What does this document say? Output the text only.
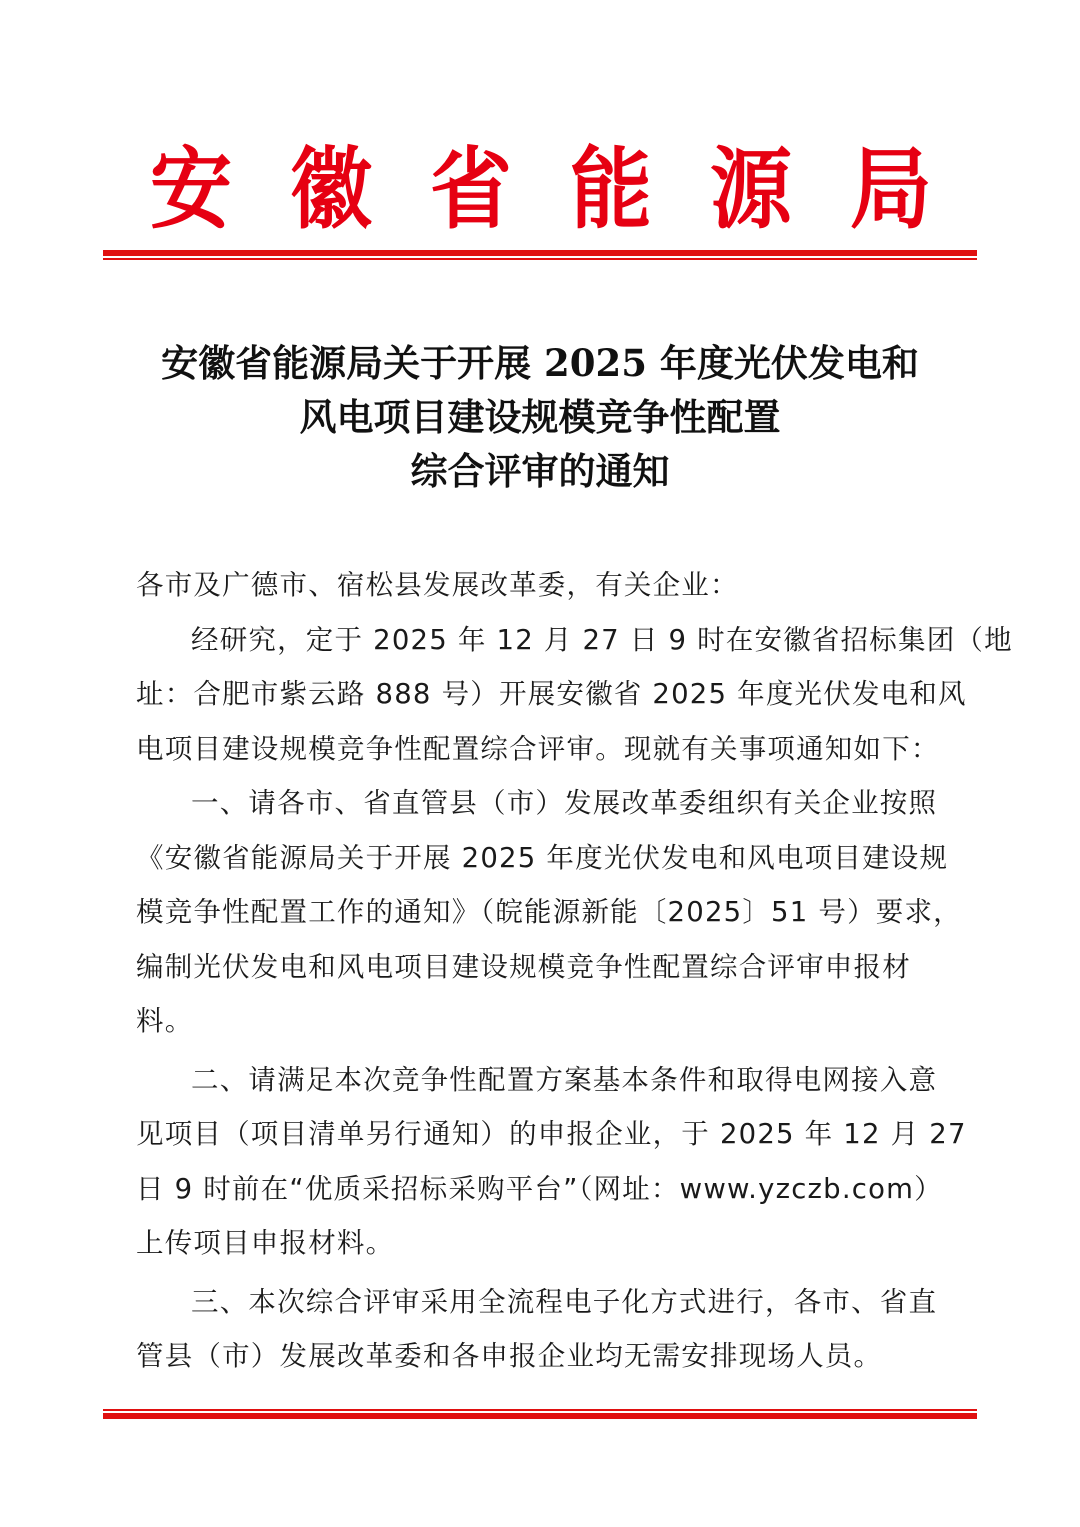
安 徽 省 能 源 局
安徽省能源局关于开展 2025 年度光伏发电和
风电项目建设规模竞争性配置
综合评审的通知

各市及广德市、宿松县发展改革委，有关企业：

经研究，定于 2025 年 12 月 27 日 9 时在安徽省招标集团（地
址：合肥市紫云路 888 号）开展安徽省 2025 年度光伏发电和风
电项目建设规模竞争性配置综合评审。现就有关事项通知如下：

一、请各市、省直管县（市）发展改革委组织有关企业按照
《安徽省能源局关于开展 2025 年度光伏发电和风电项目建设规
模竞争性配置工作的通知》（皖能源新能〔2025〕51 号）要求，
编制光伏发电和风电项目建设规模竞争性配置综合评审申报材
料。

二、请满足本次竞争性配置方案基本条件和取得电网接入意
见项目（项目清单另行通知）的申报企业，于 2025 年 12 月 27
日 9 时前在“优质采招标采购平台”（网址：www.yzczb.com）
上传项目申报材料。

三、本次综合评审采用全流程电子化方式进行，各市、省直
管县（市）发展改革委和各申报企业均无需安排现场人员。
